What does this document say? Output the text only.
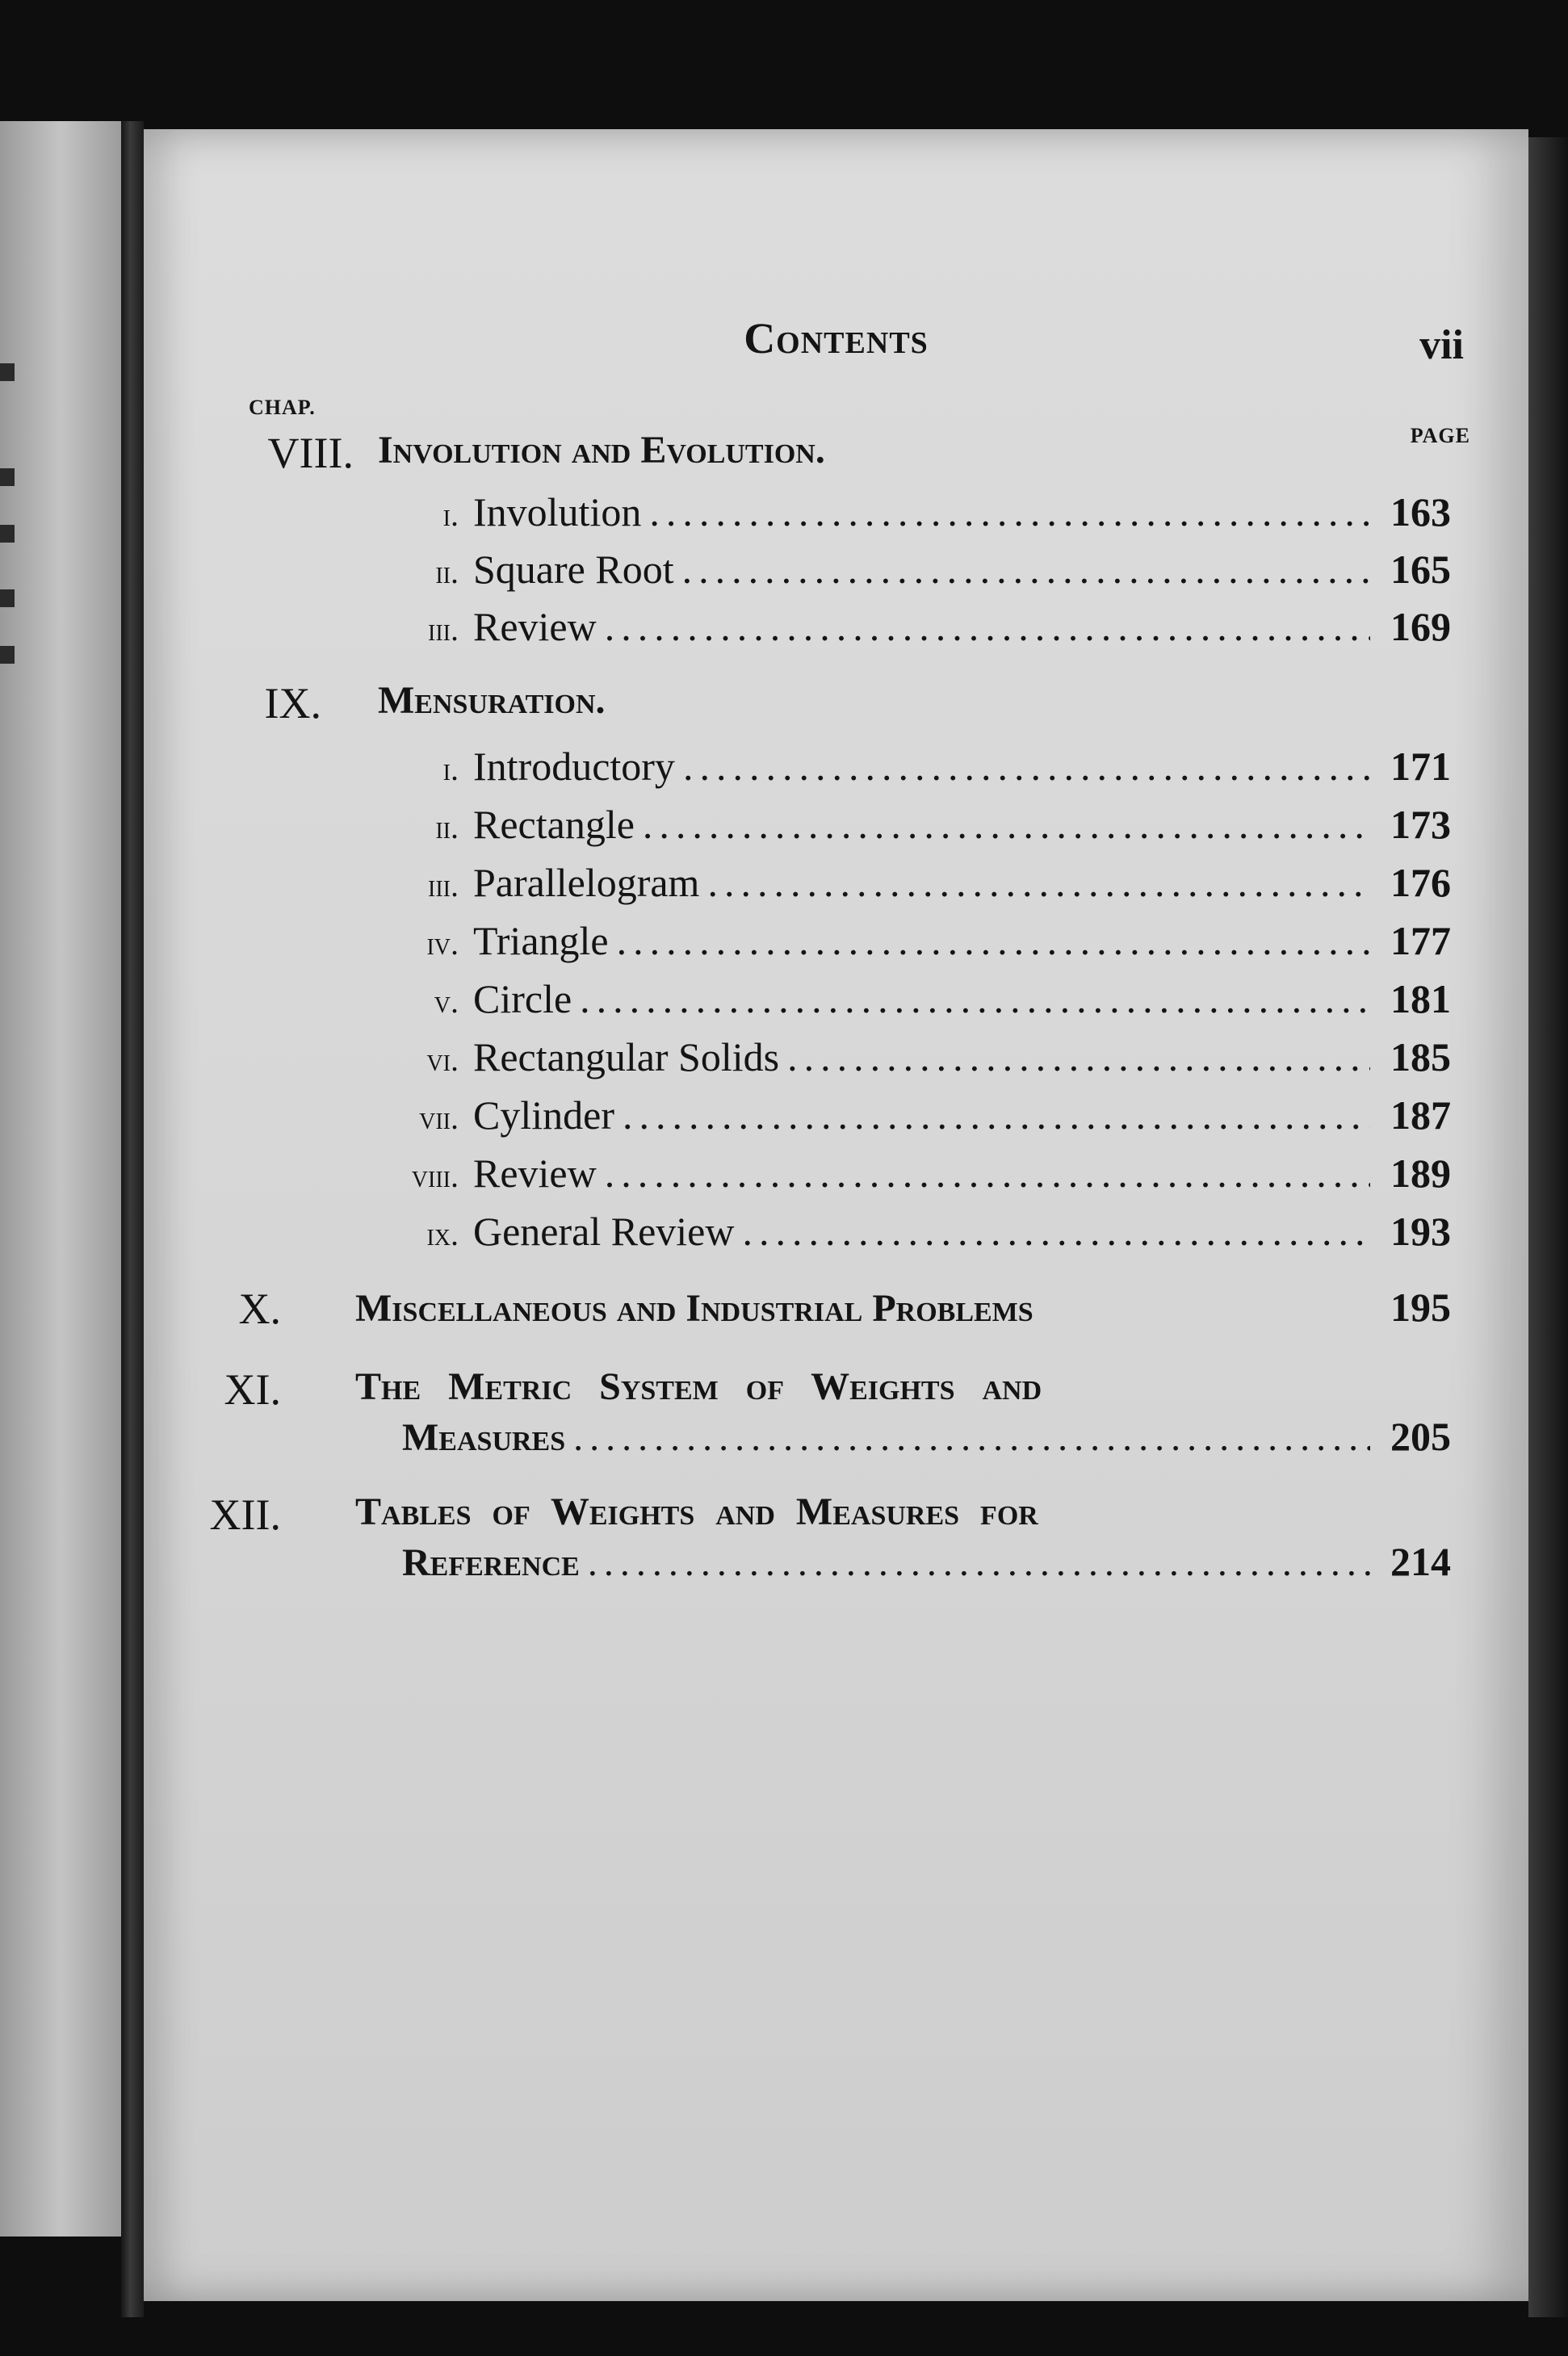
Contents	vii
CHAP.
PAGE
VIII. Involution and Evolution.
i. Involution .....	163
ii. Square Root .....	165
iii. Review .....	169
IX. Mensuration.
i. Introductory .....	171
ii. Rectangle .....	173
iii. Parallelogram .....	176
iv. Triangle .....	177
v. Circle .....	181
vi. Rectangular Solids .....	185
vii. Cylinder .....	187
viii. Review .....	189
ix. General Review .....	193
X. Miscellaneous and Industrial Problems	195
XI. The Metric System of Weights and
Measures .....	205
XII. Tables of Weights and Measures for
Reference .....	214
